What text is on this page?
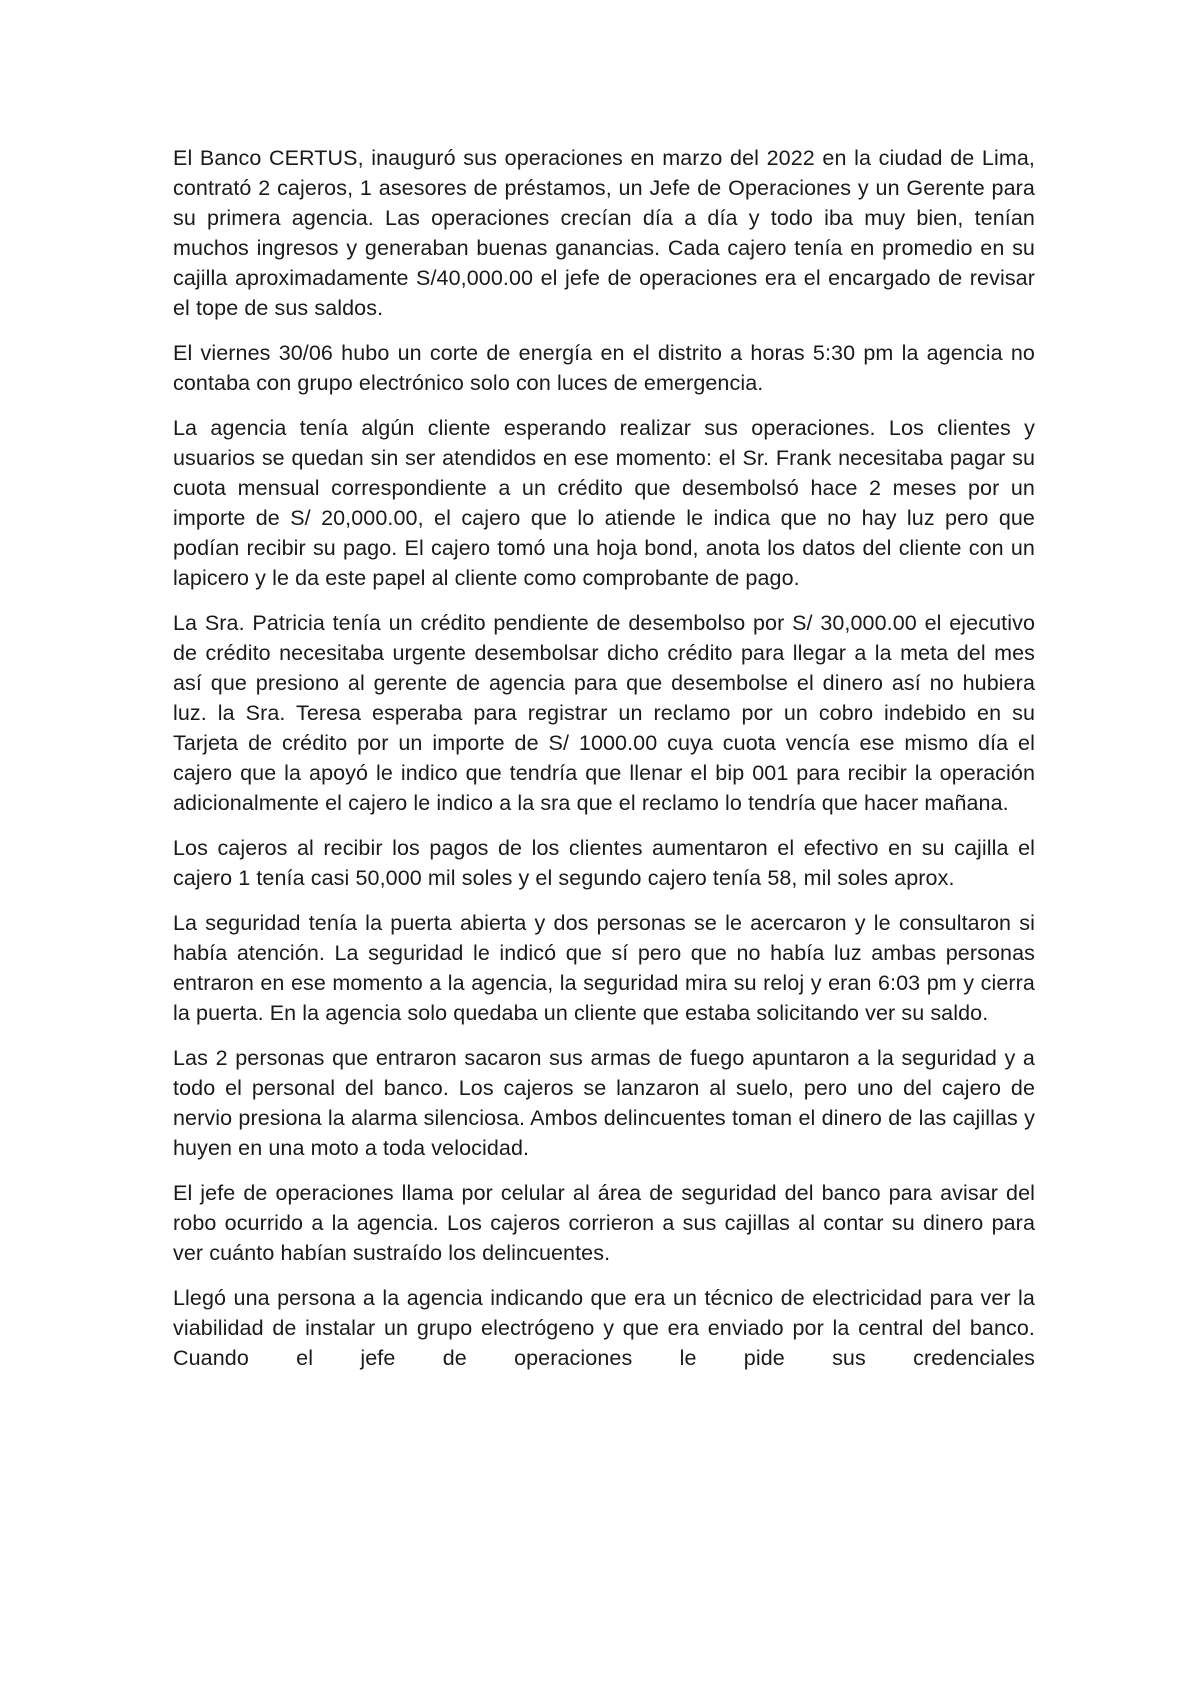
El Banco CERTUS, inauguró sus operaciones en marzo del 2022 en la ciudad de Lima, contrató 2 cajeros, 1 asesores de préstamos, un Jefe de Operaciones y un Gerente para su primera agencia. Las operaciones crecían día a día y todo iba muy bien, tenían muchos ingresos y generaban buenas ganancias. Cada cajero tenía en promedio en su cajilla aproximadamente S/40,000.00 el jefe de operaciones era el encargado de revisar el tope de sus saldos.

El viernes 30/06 hubo un corte de energía en el distrito a horas 5:30 pm la agencia no contaba con grupo electrónico solo con luces de emergencia.

La agencia tenía algún cliente esperando realizar sus operaciones. Los clientes y usuarios se quedan sin ser atendidos en ese momento: el Sr. Frank necesitaba pagar su cuota mensual correspondiente a un crédito que desembolsó hace 2 meses por un importe de S/ 20,000.00, el cajero que lo atiende le indica que no hay luz pero que podían recibir su pago. El cajero tomó una hoja bond, anota los datos del cliente con un lapicero y le da este papel al cliente como comprobante de pago.

La Sra. Patricia tenía un crédito pendiente de desembolso por S/ 30,000.00 el ejecutivo de crédito necesitaba urgente desembolsar dicho crédito para llegar a la meta del mes así que presiono al gerente de agencia para que desembolse el dinero así no hubiera luz. la Sra. Teresa esperaba para registrar un reclamo por un cobro indebido en su Tarjeta de crédito por un importe de S/ 1000.00 cuya cuota vencía ese mismo día el cajero que la apoyó le indico que tendría que llenar el bip 001 para recibir la operación adicionalmente el cajero le indico a la sra que el reclamo lo tendría que hacer mañana.

Los cajeros al recibir los pagos de los clientes aumentaron el efectivo en su cajilla el cajero 1 tenía casi 50,000 mil soles y el segundo cajero tenía 58, mil soles aprox.

La seguridad tenía la puerta abierta y dos personas se le acercaron y le consultaron si había atención. La seguridad le indicó que sí pero que no había luz ambas personas entraron en ese momento a la agencia, la seguridad mira su reloj y eran 6:03 pm y cierra la puerta. En la agencia solo quedaba un cliente que estaba solicitando ver su saldo.

Las 2 personas que entraron sacaron sus armas de fuego apuntaron a la seguridad y a todo el personal del banco. Los cajeros se lanzaron al suelo, pero uno del cajero de nervio presiona la alarma silenciosa. Ambos delincuentes toman el dinero de las cajillas y huyen en una moto a toda velocidad.

El jefe de operaciones llama por celular al área de seguridad del banco para avisar del robo ocurrido a la agencia. Los cajeros corrieron a sus cajillas al contar su dinero para ver cuánto habían sustraído los delincuentes.

Llegó una persona a la agencia indicando que era un técnico de electricidad para ver la viabilidad de instalar un grupo electrógeno y que era enviado por la central del banco. Cuando el jefe de operaciones le pide sus credenciales
